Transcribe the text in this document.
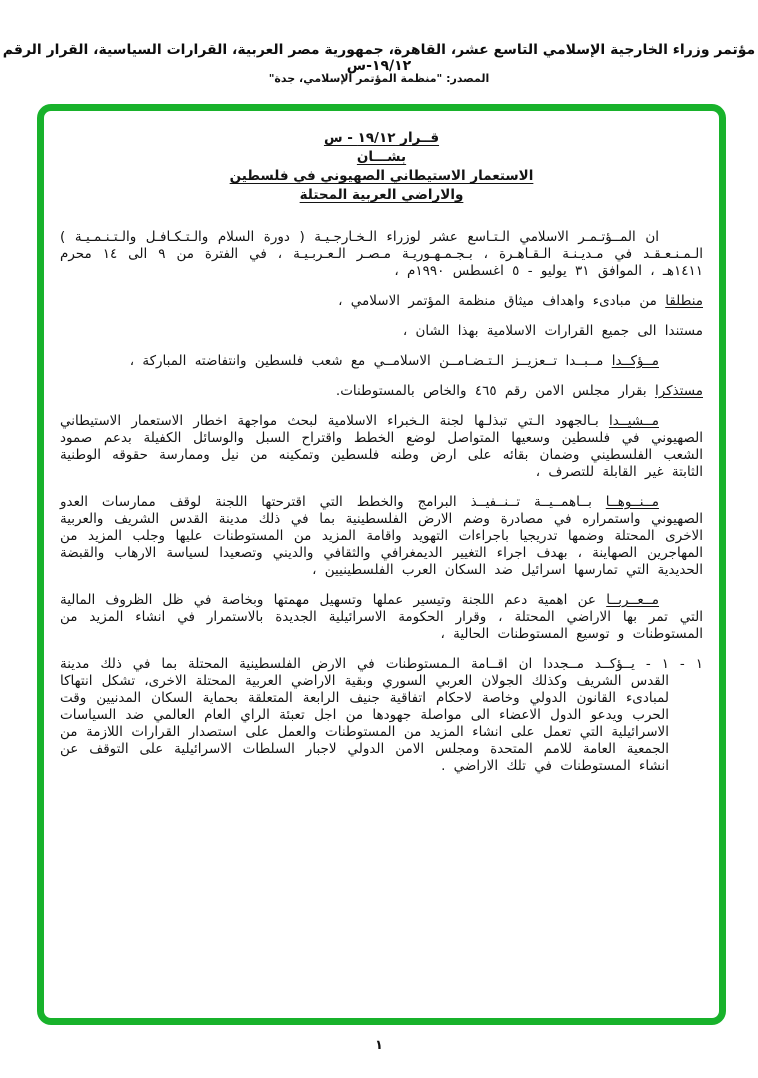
مؤتمر وزراء الخارجية الإسلامي التاسع عشر، القاهرة، جمهورية مصر العربية، القرارات السياسية، القرار الرقم ١٩/١٢-س
المصدر: "منظمة المؤتمر الإسلامي، جدة"
قــرار ١٩/١٢ - س
بشـــان
الاستعمار الاستيطاني الصهيوني في فلسطين
والاراضي العربية المحتلة

ان المــؤتـمـر الاسلامي الـتـاسع عشر لوزراء الـخـارجـيـة ( دورة السلام والـتـكـافـل والـتـنـمـيـة ) الـمـنـعـقـد في مـديـنـة الـقـاهـرة ، بـجـمـهـوريـة مـصـر الـعـربـيـة ، في الفترة من ٩ الى ١٤ محرم ١٤١١هـ ، الموافق ٣١ يوليو - ٥ اغسطس ١٩٩٠م ،

منطلقا من مبادىء واهداف ميثاق منظمة المؤتمر الاسلامي ،

مستندا الى جميع القرارات الاسلامية بهذا الشان ،

مــؤكــدا مــبــدا تــعزيــز الـتـضـامــن الاسلامــي مع شعب فلسطين وانتفاضته المباركة ،

مستذكرا بقرار مجلس الامن رقم ٤٦٥ والخاص بالمستوطنات.

مــشيــدا بـالجهود الـتي تبذلـها لجنة الـخبراء الاسلامية لبحث مواجهة اخطار الاستعمار الاستيطاني الصهيوني في فلسطين وسعيها المتواصل لوضع الخطط واقتراح السبل والوسائل الكفيلة بدعم صمود الشعب الفلسطيني وضمان بقائه على ارض وطنه فلسطين وتمكينه من نيل وممارسة حقوقه الوطنية الثابتة غير القابلة للتصرف ،

مــنــوهــا بــاهمــيــة تــنــفيــذ البرامج والخطط التي اقترحتها اللجنة لوقف ممارسات العدو الصهيوني واستمراره في مصادرة وضم الارض الفلسطينية بما في ذلك مدينة القدس الشريف والعربية الاخرى المحتلة وضمها تدريجيا باجراءات التهويد واقامة المزيد من المستوطنات عليها وجلب المزيد من المهاجرين الصهاينة ، بهدف اجراء التغيير الديمغرافي والثقافي والديني وتصعيدا لسياسة الارهاب والقبضة الحديدية التي تمارسها اسرائيل ضد السكان العرب الفلسطينيين ،

مــعــربــا عن اهمية دعم اللجنة وتيسير عملها وتسهيل مهمتها وبخاصة في ظل الظروف المالية التي تمر بها الاراضي المحتلة ، وقرار الحكومة الاسرائيلية الجديدة بالاستمرار في انشاء المزيد من المستوطنات و توسيع المستوطنات الحالية ،

١ - ١ - يــؤكــد مــجددا ان اقــامة الـمستوطنات في الارض الفلسطينية المحتلة بما في ذلك مدينة القدس الشريف وكذلك الجولان العربي السوري وبقية الاراضي العربية المحتلة الاخرى، تشكل انتهاكا لمبادىء القانون الدولي وخاصة لاحكام اتفاقية جنيف الرابعة المتعلقة بحماية السكان المدنيين وقت الحرب ويدعو الدول الاعضاء الى مواصلة جهودها من اجل تعبئة الراي العام العالمي ضد السياسات الاسرائيلية التي تعمل على انشاء المزيد من المستوطنات والعمل على استصدار القرارات اللازمة من الجمعية العامة للامم المتحدة ومجلس الامن الدولي لاجبار السلطات الاسرائيلية على التوقف عن انشاء المستوطنات في تلك الاراضي .

١
